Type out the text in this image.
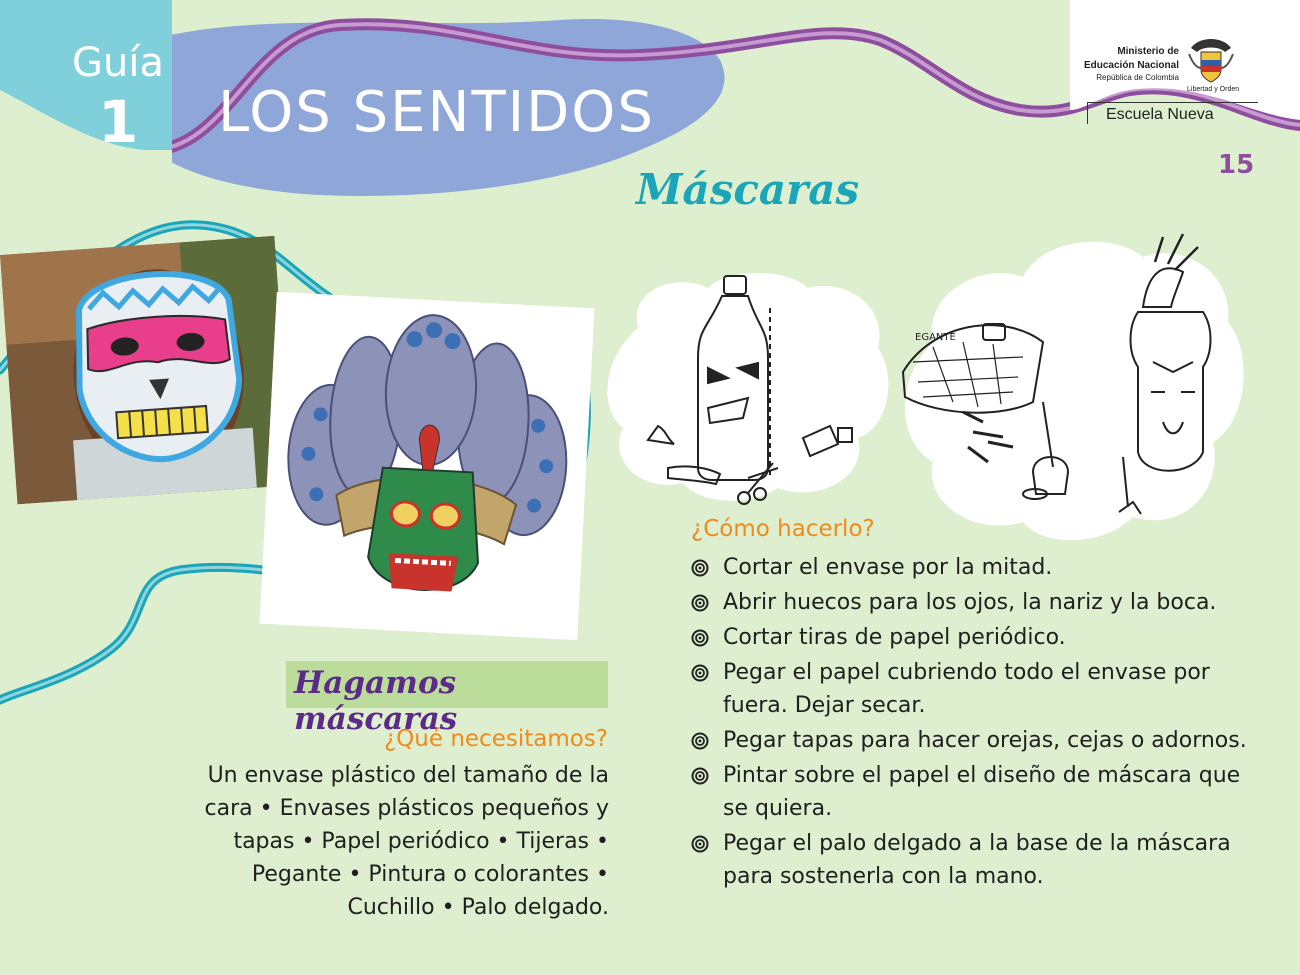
Guía
1 LOS SENTIDOS
Ministerio de
Educación Nacional
República de Colombia
Libertad y Orden
Escuela Nueva
15
Máscaras
EGANTE
Hagamos máscaras
¿Qué necesitamos?
Un envase plástico del tamaño de la cara • Envases plásticos pequeños y tapas • Papel periódico • Tijeras • Pegante • Pintura o colorantes • Cuchillo • Palo delgado.
¿Cómo hacerlo?
Cortar el envase por la mitad.
Abrir huecos para los ojos, la nariz y la boca.
Cortar tiras de papel periódico.
Pegar el papel cubriendo todo el envase por fuera. Dejar secar.
Pegar tapas para hacer orejas, cejas o adornos.
Pintar sobre el papel el diseño de máscara que se quiera.
Pegar el palo delgado a la base de la máscara para sostenerla con la mano.
